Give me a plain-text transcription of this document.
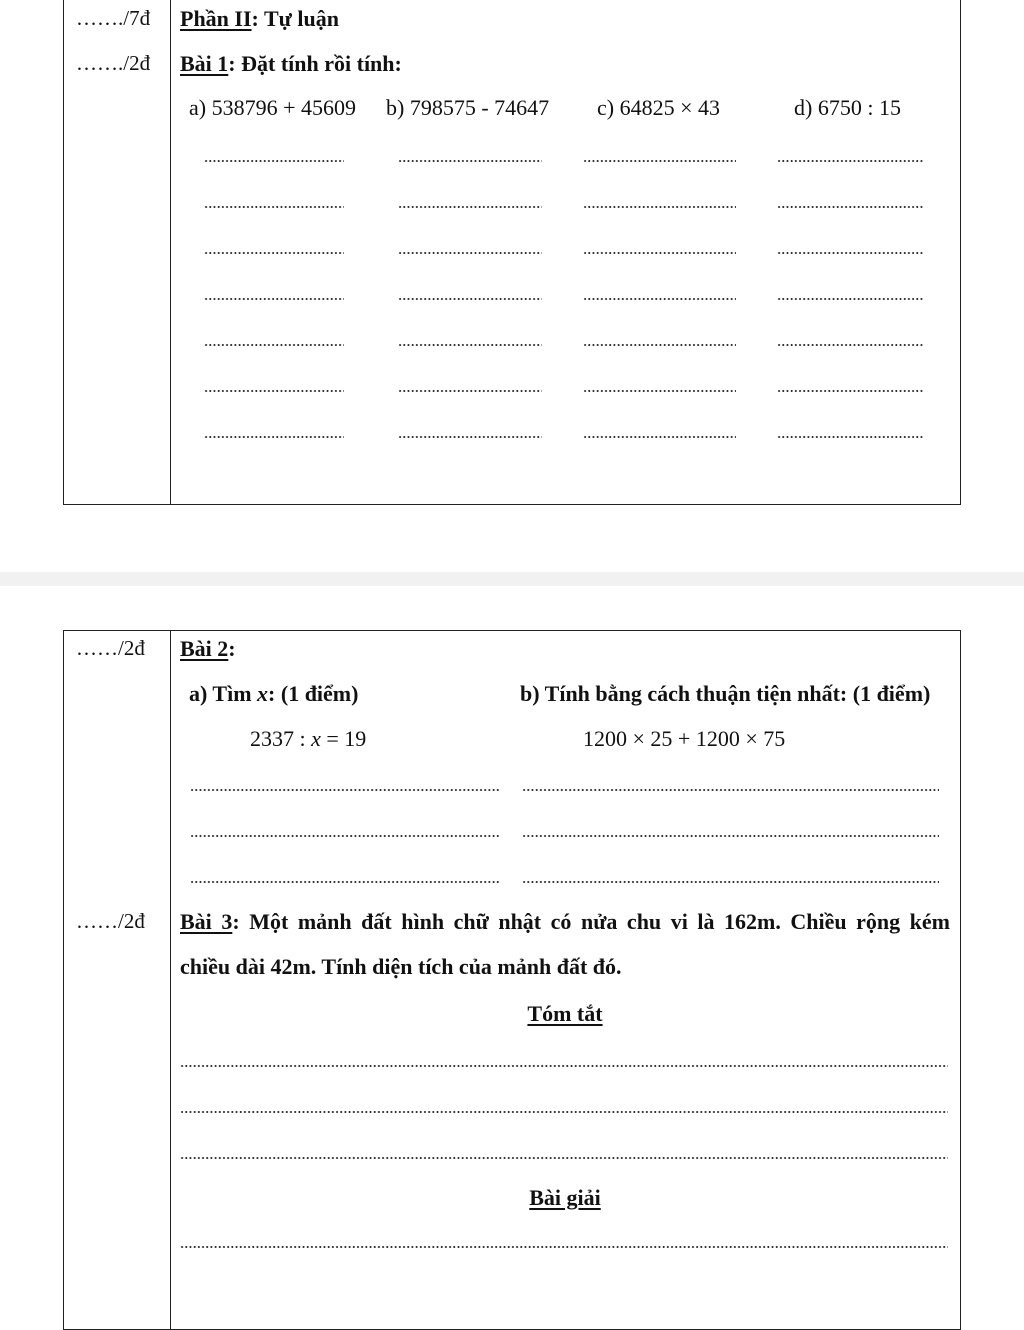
……./7đ Phần II: Tự luận
……./2đ Bài 1: Đặt tính rồi tính:
a) 538796 + 45609 b) 798575 - 74647 c) 64825 × 43	d) 6750 : 15
……/2đ Bài 2:
a) Tìm x: (1 điểm)	b) Tính bằng cách thuận tiện nhất: (1 điểm)
2337 : x = 19	1200 × 25 + 1200 × 75
……/2đ Bài 3: Một mảnh đất hình chữ nhật có nửa chu vi là 162m. Chiều rộng kém
chiều dài 42m. Tính diện tích của mảnh đất đó.
Tóm tắt
Bài giải
